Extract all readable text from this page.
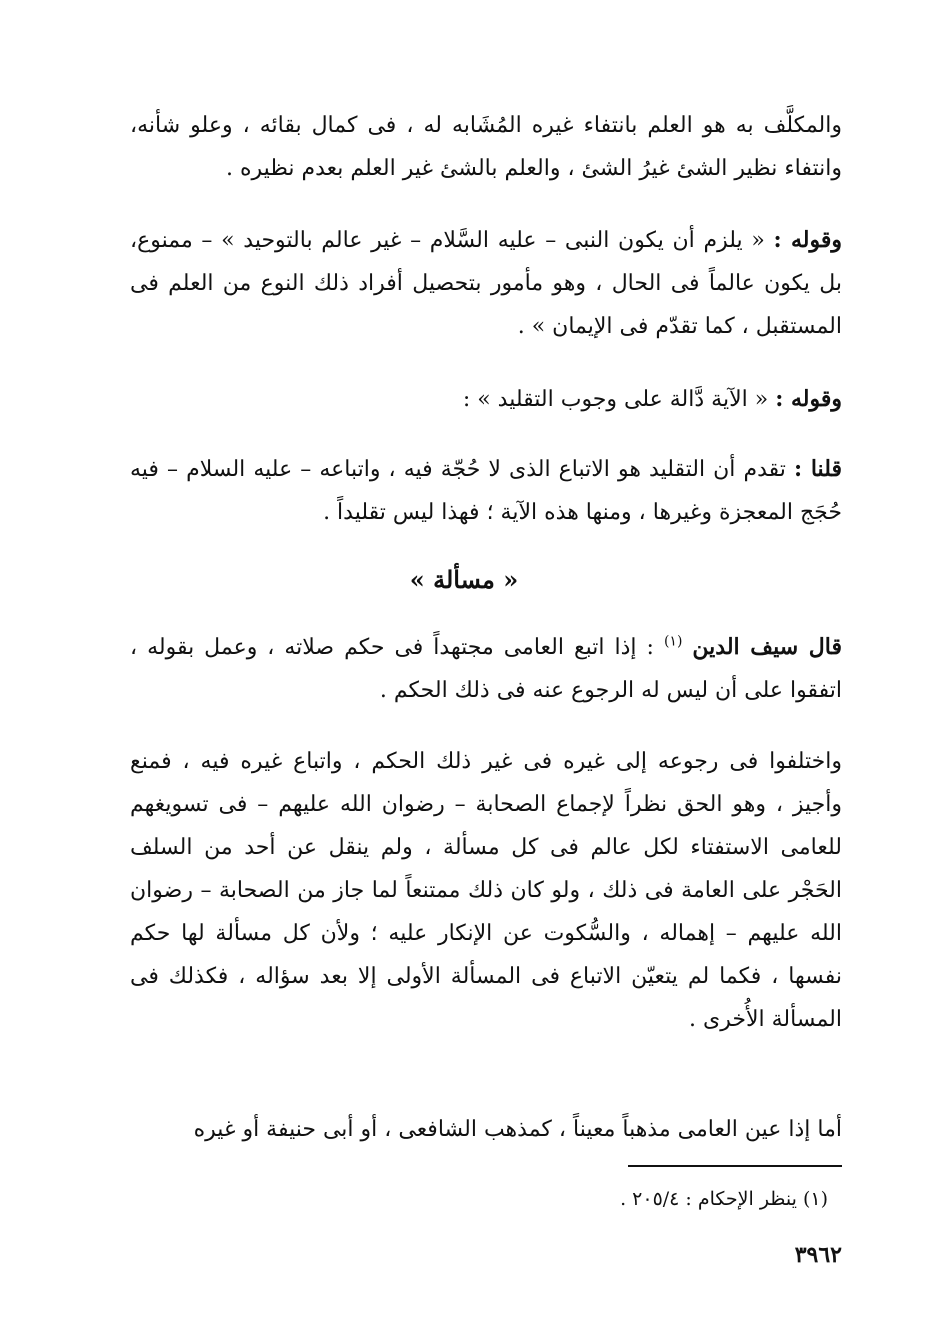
والمكلَّف به هو العلم بانتفاء غيره المُشَابه له ، فى كمال بقائه ، وعلو شأنه، وانتفاء نظير الشئ غيرُ الشئ ، والعلم بالشئ غير العلم بعدم نظيره .
وقوله : « يلزم أن يكون النبى – عليه السَّلام – غير عالم بالتوحيد » – ممنوع، بل يكون عالماً فى الحال ، وهو مأمور بتحصيل أفراد ذلك النوع من العلم فى المستقبل ، كما تقدّم فى الإيمان » .
وقوله : « الآية دَّالة على وجوب التقليد » :
قلنا : تقدم أن التقليد هو الاتباع الذى لا حُجّة فيه ، واتباعه – عليه السلام – فيه حُجَج المعجزة وغيرها ، ومنها هذه الآية ؛ فهذا ليس تقليداً .
« مسألة »
قال سيف الدين $^{(١)}$ : إذا اتبع العامى مجتهداً فى حكم صلاته ، وعمل بقوله ، اتفقوا على أن ليس له الرجوع عنه فى ذلك الحكم .
واختلفوا فى رجوعه إلى غيره فى غير ذلك الحكم ، واتباع غيره فيه ، فمنع وأجيز ، وهو الحق نظراً لإجماع الصحابة – رضوان الله عليهم – فى تسويغهم للعامى الاستفتاء لكل عالم فى كل مسألة ، ولم ينقل عن أحد من السلف الحَجْر على العامة فى ذلك ، ولو كان ذلك ممتنعاً لما جاز من الصحابة – رضوان الله عليهم – إهماله ، والسُّكوت عن الإنكار عليه ؛ ولأن كل مسألة لها حكم نفسها ، فكما لم يتعيّن الاتباع فى المسألة الأولى إلا بعد سؤاله ، فكذلك فى المسألة الأُخرى .
أما إذا عين العامى مذهباً معيناً ، كمذهب الشافعى ، أو أبى حنيفة أو غيره
(١) ينظر الإحكام : ٢٠٥/٤ .
٣٩٦٢
